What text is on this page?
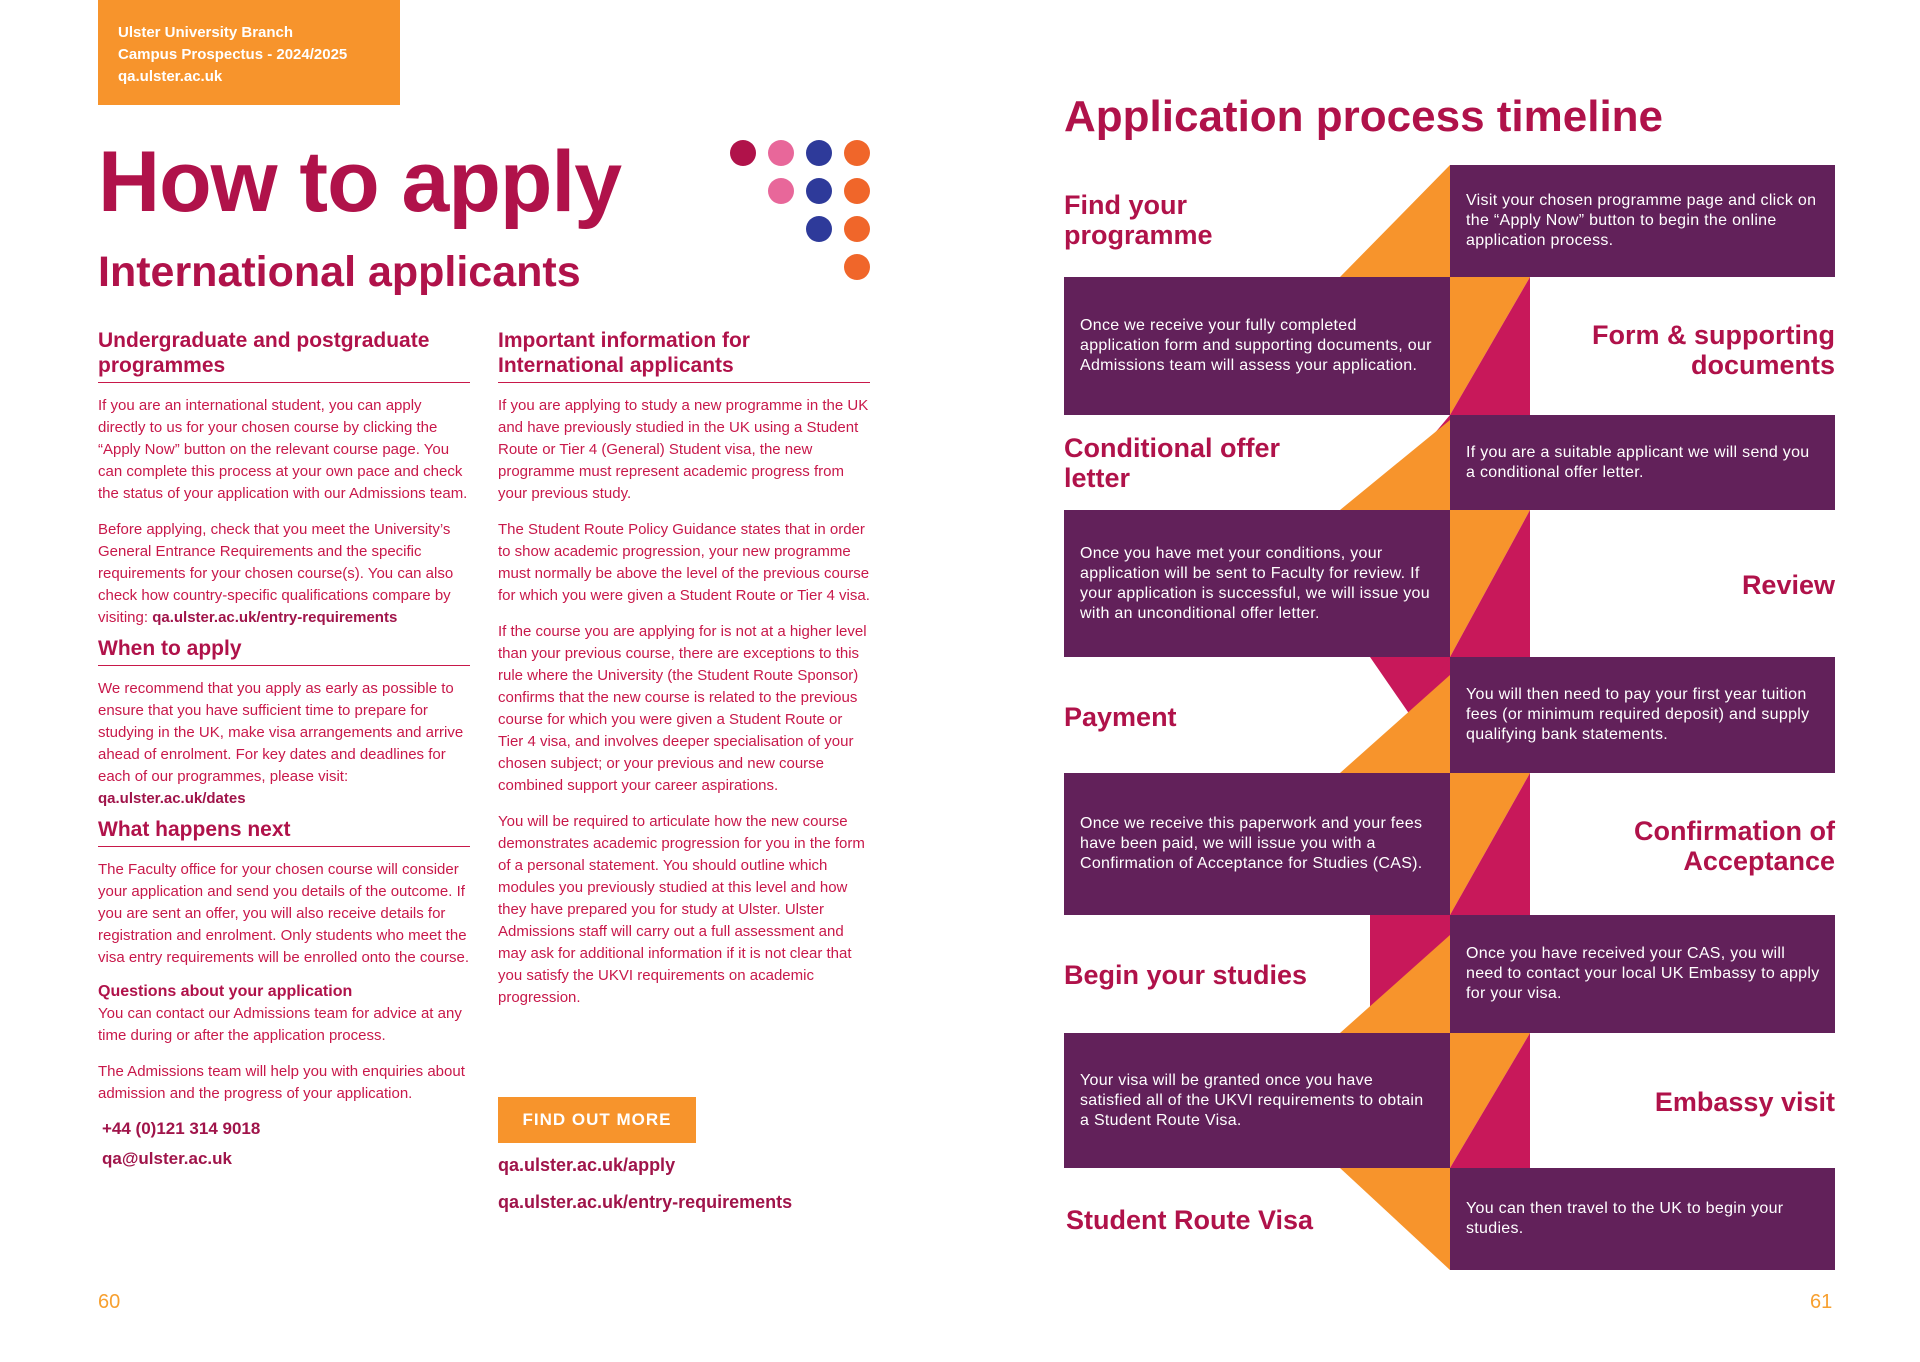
Ulster University Branch
Campus Prospectus - 2024/2025
qa.ulster.ac.uk
How to apply
International applicants
Undergraduate and postgraduate programmes
If you are an international student, you can apply directly to us for your chosen course by clicking the “Apply Now” button on the relevant course page. You can complete this process at your own pace and check the status of your application with our Admissions team.
Before applying, check that you meet the University’s General Entrance Requirements and the specific requirements for your chosen course(s). You can also check how country-specific qualifications compare by visiting: qa.ulster.ac.uk/entry-requirements
When to apply
We recommend that you apply as early as possible to ensure that you have sufficient time to prepare for studying in the UK, make visa arrangements and arrive ahead of enrolment. For key dates and deadlines for each of our programmes, please visit: qa.ulster.ac.uk/dates
What happens next
The Faculty office for your chosen course will consider your application and send you details of the outcome. If you are sent an offer, you will also receive details for registration and enrolment. Only students who meet the visa entry requirements will be enrolled onto the course.
Questions about your application
You can contact our Admissions team for advice at any time during or after the application process.
The Admissions team will help you with enquiries about admission and the progress of your application.
+44 (0)121 314 9018
qa@ulster.ac.uk
Important information for International applicants
If you are applying to study a new programme in the UK and have previously studied in the UK using a Student Route or Tier 4 (General) Student visa, the new programme must represent academic progress from your previous study.
The Student Route Policy Guidance states that in order to show academic progression, your new programme must normally be above the level of the previous course for which you were given a Student Route or Tier 4 visa.
If the course you are applying for is not at a higher level than your previous course, there are exceptions to this rule where the University (the Student Route Sponsor) confirms that the new course is related to the previous course for which you were given a Student Route or Tier 4 visa, and involves deeper specialisation of your chosen subject; or your previous and new course combined support your career aspirations.
You will be required to articulate how the new course demonstrates academic progression for you in the form of a personal statement. You should outline which modules you previously studied at this level and how they have prepared you for study at Ulster. Ulster Admissions staff will carry out a full assessment and may ask for additional information if it is not clear that you satisfy the UKVI requirements on academic progression.
FIND OUT MORE
qa.ulster.ac.uk/apply
qa.ulster.ac.uk/entry-requirements
60
Application process timeline
Visit your chosen programme page and click on the “Apply Now” button to begin the online application process.
Once we receive your fully completed application form and supporting documents, our Admissions team will assess your application.
If you are a suitable applicant we will send you a conditional offer letter.
Once you have met your conditions, your application will be sent to Faculty for review. If your application is successful, we will issue you with an unconditional offer letter.
You will then need to pay your first year tuition fees (or minimum required deposit) and supply qualifying bank statements.
Once we receive this paperwork and your fees have been paid, we will issue you with a Confirmation of Acceptance for Studies (CAS).
Once you have received your CAS, you will need to contact your local UK Embassy to apply for your visa.
Your visa will be granted once you have satisfied all of the UKVI requirements to obtain a Student Route Visa.
You can then travel to the UK to begin your studies.
Find your programme
Form & supporting documents
Conditional offer letter
Review
Payment
Confirmation of Acceptance
Begin your studies
Embassy visit
Student Route Visa
61
